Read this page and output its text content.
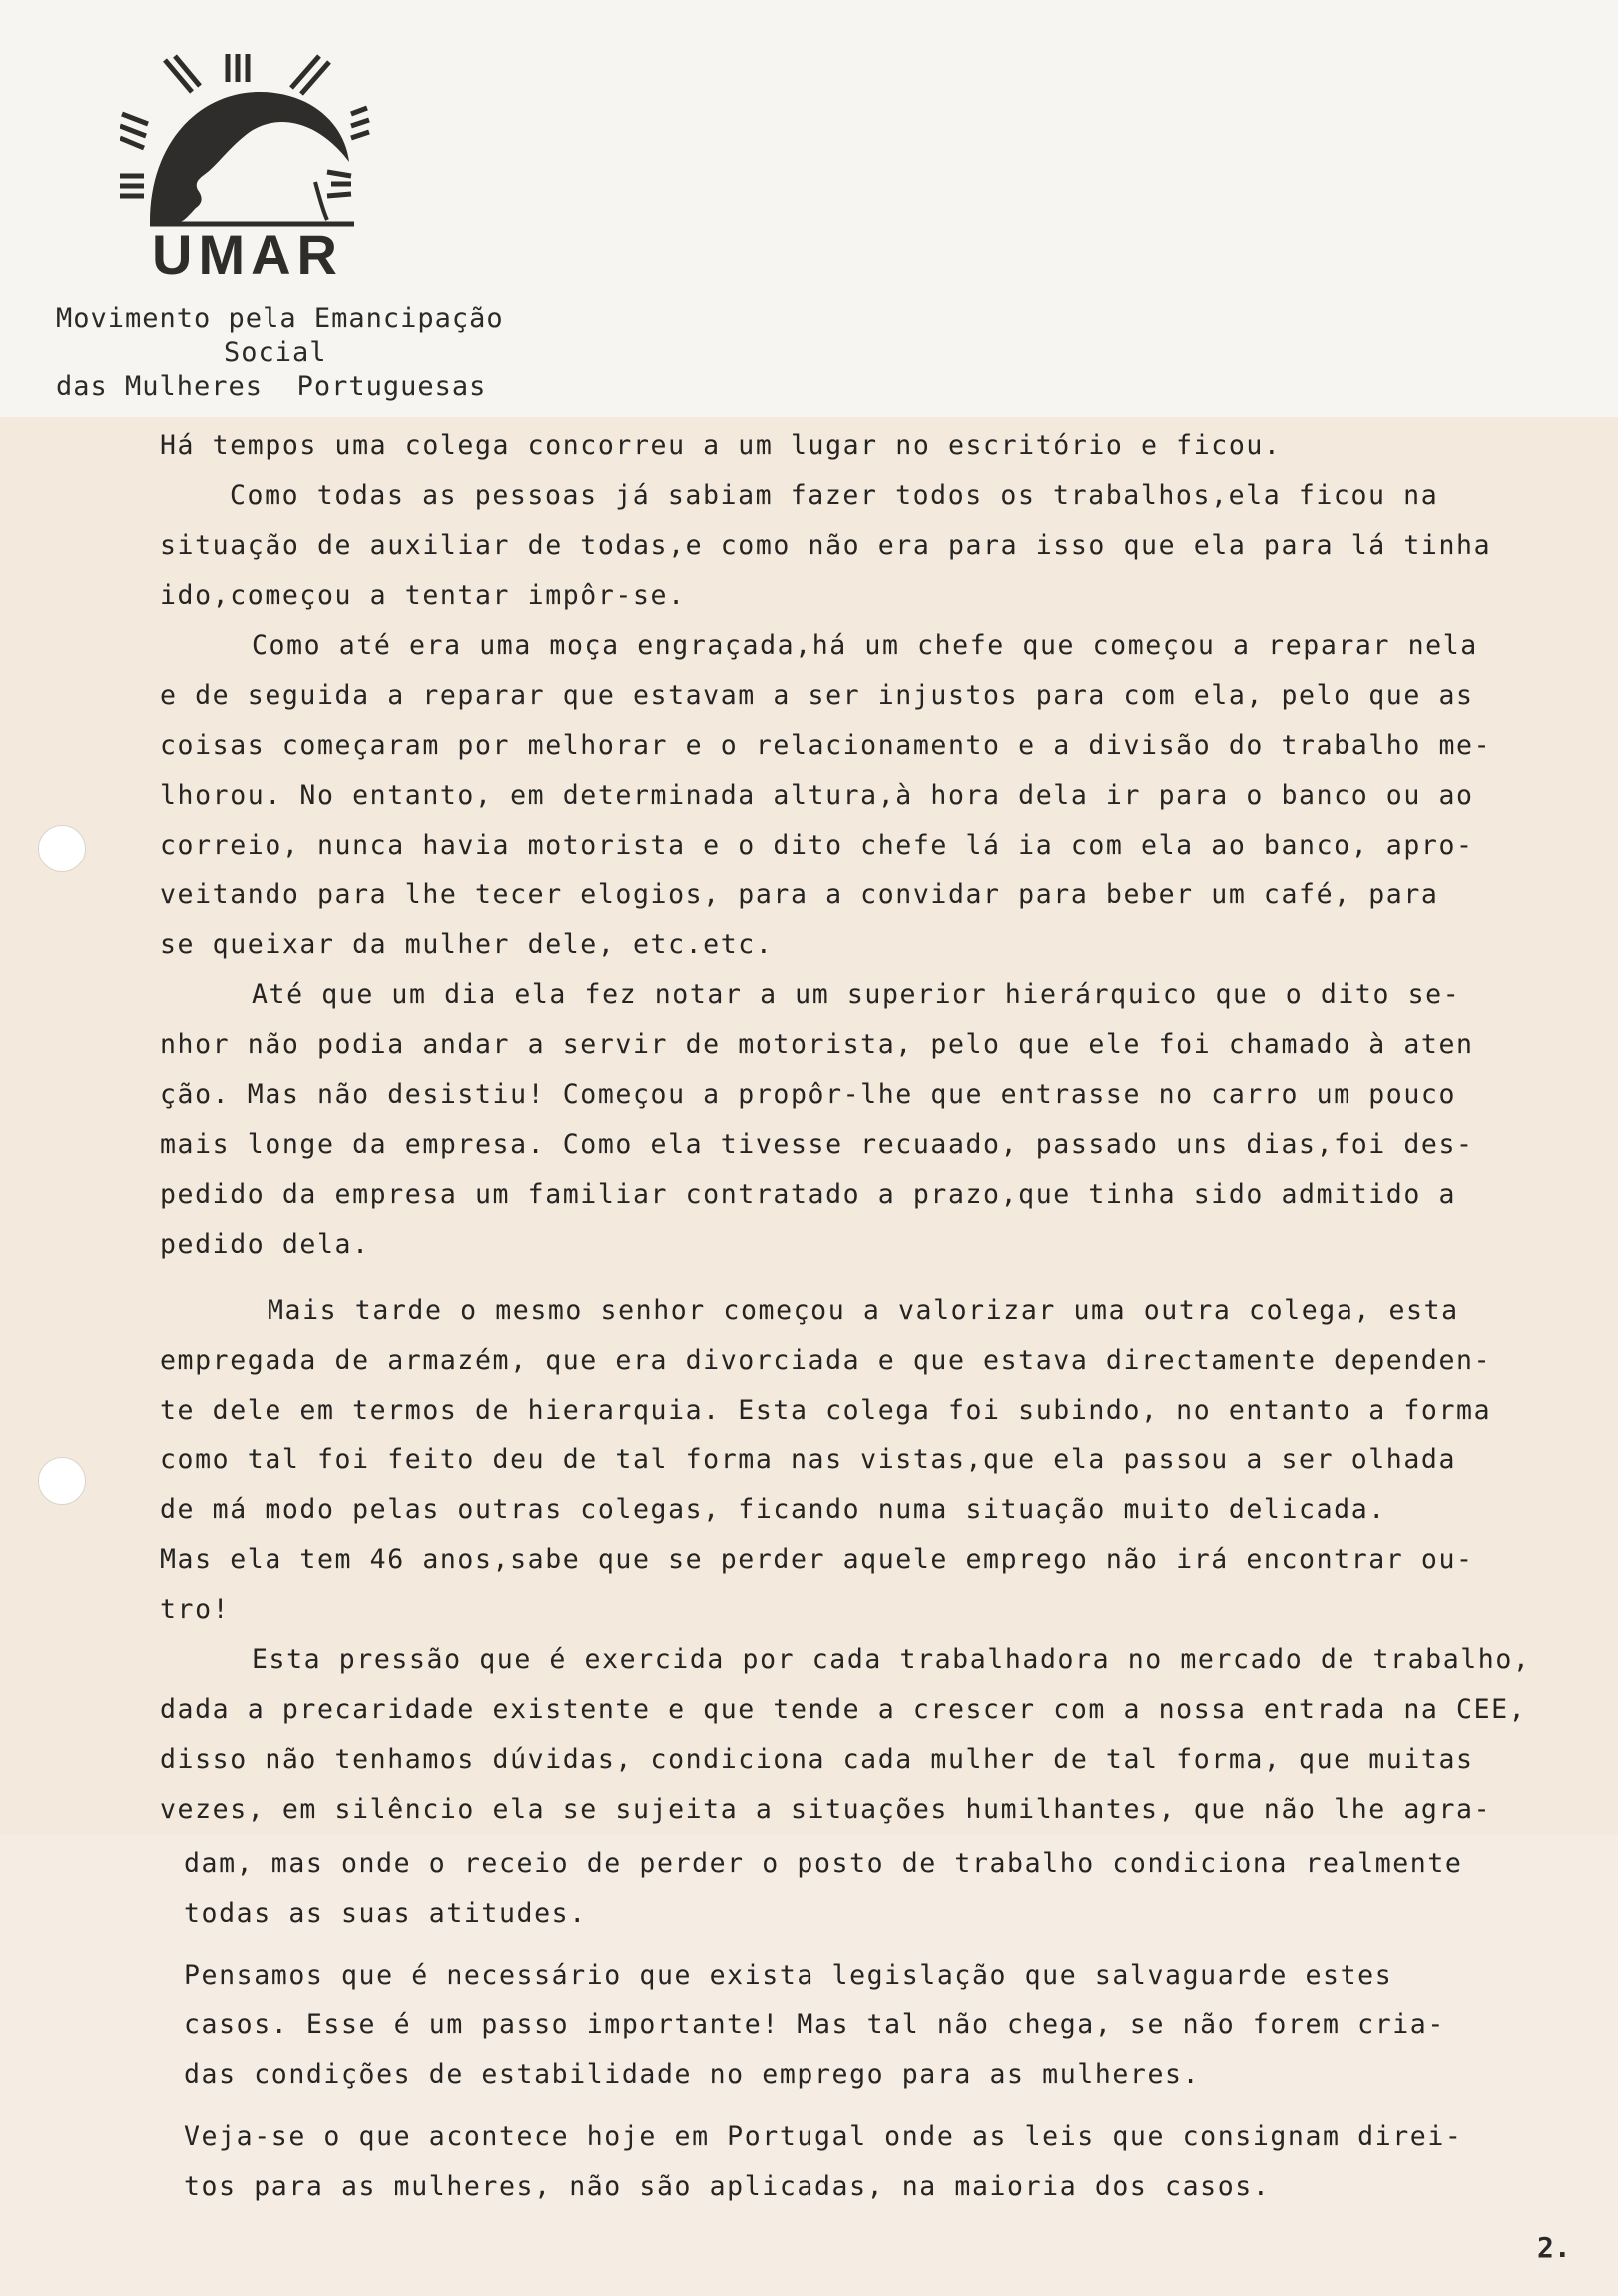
UMAR
Movimento pela Emancipação
Social
das Mulheres  Portuguesas

Há tempos uma colega concorreu a um lugar no escritório e ficou.

Como todas as pessoas já sabiam fazer todos os trabalhos,ela ficou na
situação de auxiliar de todas,e como não era para isso que ela para lá tinha
ido,começou a tentar impôr-se.

Como até era uma moça engraçada,há um chefe que começou a reparar nela
e de seguida a reparar que estavam a ser injustos para com ela, pelo que as
coisas começaram por melhorar e o relacionamento e a divisão do trabalho me-
lhorou. No entanto, em determinada altura,à hora dela ir para o banco ou ao
correio, nunca havia motorista e o dito chefe lá ia com ela ao banco, apro-
veitando para lhe tecer elogios, para a convidar para beber um café, para
se queixar da mulher dele, etc.etc.

Até que um dia ela fez notar a um superior hierárquico que o dito se-
nhor não podia andar a servir de motorista, pelo que ele foi chamado à aten
ção. Mas não desistiu! Começou a propôr-lhe que entrasse no carro um pouco
mais longe da empresa. Como ela tivesse recuaado, passado uns dias,foi des-
pedido da empresa um familiar contratado a prazo,que tinha sido admitido a
pedido dela.

Mais tarde o mesmo senhor começou a valorizar uma outra colega, esta
empregada de armazém, que era divorciada e que estava directamente dependen-
te dele em termos de hierarquia. Esta colega foi subindo, no entanto a forma
como tal foi feito deu de tal forma nas vistas,que ela passou a ser olhada
de má modo pelas outras colegas, ficando numa situação muito delicada.
Mas ela tem 46 anos,sabe que se perder aquele emprego não irá encontrar ou-
tro!

Esta pressão que é exercida por cada trabalhadora no mercado de trabalho,
dada a precaridade existente e que tende a crescer com a nossa entrada na CEE,
disso não tenhamos dúvidas, condiciona cada mulher de tal forma, que muitas
vezes, em silêncio ela se sujeita a situações humilhantes, que não lhe agra-

dam, mas onde o receio de perder o posto de trabalho condiciona realmente
todas as suas atitudes.

Pensamos que é necessário que exista legislação que salvaguarde estes
casos. Esse é um passo importante! Mas tal não chega, se não forem cria-
das condições de estabilidade no emprego para as mulheres.

Veja-se o que acontece hoje em Portugal onde as leis que consignam direi-
tos para as mulheres, não são aplicadas, na maioria dos casos.

2.
